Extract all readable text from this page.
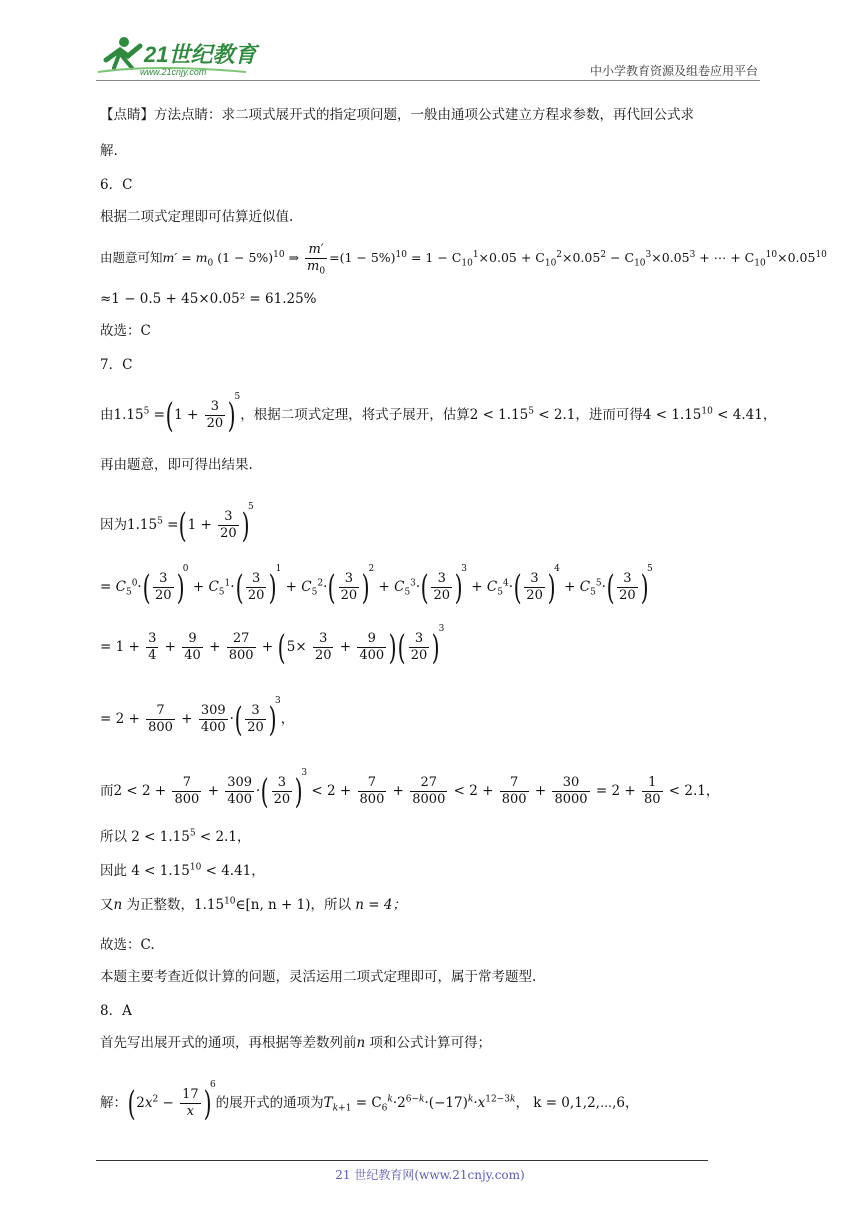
21世纪教育
www.21cnjy.com	中小学教育资源及组卷应用平台
【点睛】方法点睛：求二项式展开式的指定项问题，一般由通项公式建立方程求参数，再代回公式求
解.
6．C
根据二项式定理即可估算近似值.
由题意可知$m' = m_0$ $(1 - 5\%)^{10}$ ⇒ $\frac{m'}{m_0} =(1 - 5\%)^{10} = 1 - C_{10}^1\times 0.05 + C_{10}^2\times 0.05^2 - C_{10}^3\times 0.05^3$ + ⋯ + $C_{10}^{10}\times 0.05^{10}$
≈1 − 0.5 + 45×0.05² = 61.25%
故选：C
7．C
由$1.15^5 =(1 + \frac{3}{20} )^5$，根据二项式定理，将式子展开，估算$2 < 1.15^5 < 2.1$，进而可得$4 < 1.15^{10} < 4.41$，
再由题意，即可得出结果.
因为$1.15^5 =(1 + \frac{3}{20} )^5$
= $C_5^0\cdot( \frac{3}{20} )^0 + C_5^1\cdot( \frac{3}{20} )^1 + C_5^2\cdot( \frac{3}{20} )^2 + C_5^3\cdot( \frac{3}{20} )^3 + C_5^4\cdot( \frac{3}{20} )^4 + C_5^5\cdot( \frac{3}{20} )^5$
= $1 + \frac{3}{4} + \frac{9}{40} + \frac{27}{800} + (5\times \frac{3}{20} + \frac{9}{400}$ )( $\frac{3}{20} )^3$
= $2 + \frac{7}{800} + \frac{309}{400}$ ·( $\frac{3}{20} )^3$，
而$2 < 2 + \frac{7}{800} + \frac{309}{400}$ ·( $\frac{3}{20} )^3 < 2 + \frac{7}{800} + \frac{27}{8000} < 2 + \frac{7}{800} + \frac{30}{8000} = 2 + \frac{1}{80} < 2.1$，
所以 $2 < 1.15^5 < 2.1$，
因此 $4 < 1.15^{10} < 4.41$，
又n 为正整数，1.15$^{10}$∈[n, n + 1)，所以 n = 4；
故选：C.
本题主要考查近似计算的问题，灵活运用二项式定理即可，属于常考题型.
8．A
首先写出展开式的通项，再根据等差数列前n 项和公式计算可得；
解：$(2x^2 - \frac{17}{x} )^6$的展开式的通项为$T_{k+1} = C_6^k\cdot 2^{6-k}\cdot(-17)^k\cdot x^{12-3k}$， k = 0,1,2,⋯,6，
21 世纪教育网(www.21cnjy.com)
